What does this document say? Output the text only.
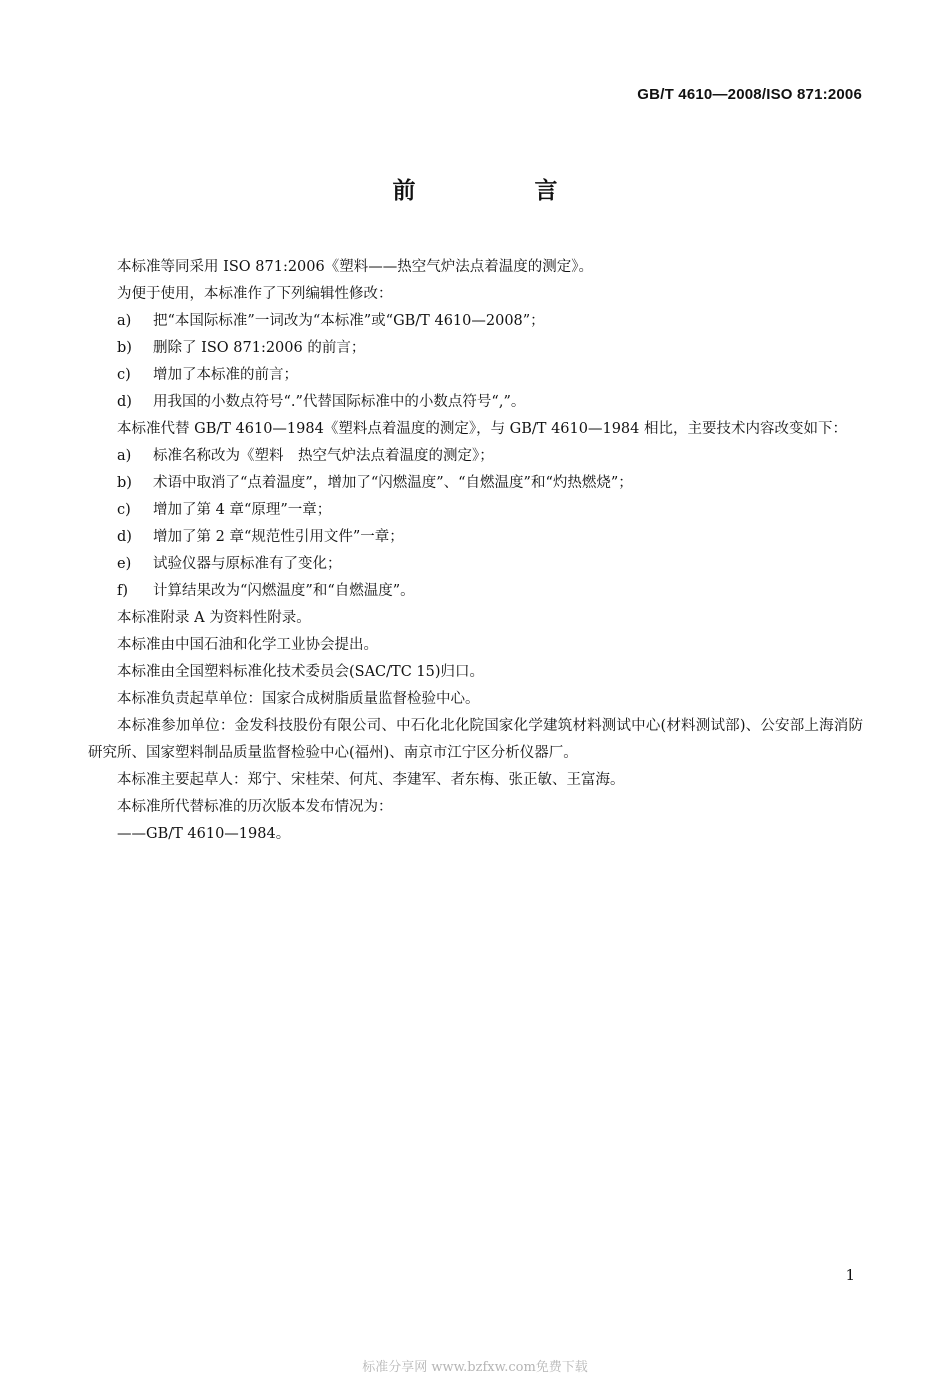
GB/T 4610—2008/ISO 871:2006
前　言

本标准等同采用 ISO 871:2006《塑料——热空气炉法点着温度的测定》。

为便于使用，本标准作了下列编辑性修改：

a) 把“本国际标准”一词改为“本标准”或“GB/T 4610—2008”；

b) 删除了 ISO 871:2006 的前言；

c) 增加了本标准的前言；

d) 用我国的小数点符号“.”代替国际标准中的小数点符号“,”。

本标准代替 GB/T 4610—1984《塑料点着温度的测定》，与 GB/T 4610—1984 相比，主要技术内容改变如下：

a) 标准名称改为《塑料　热空气炉法点着温度的测定》；

b) 术语中取消了“点着温度”，增加了“闪燃温度”、“自燃温度”和“灼热燃烧”；

c) 增加了第 4 章“原理”一章；

d) 增加了第 2 章“规范性引用文件”一章；

e) 试验仪器与原标准有了变化；

f) 计算结果改为“闪燃温度”和“自燃温度”。

本标准附录 A 为资料性附录。

本标准由中国石油和化学工业协会提出。

本标准由全国塑料标准化技术委员会(SAC/TC 15)归口。

本标准负责起草单位：国家合成树脂质量监督检验中心。

本标准参加单位：金发科技股份有限公司、中石化北化院国家化学建筑材料测试中心(材料测试部)、公安部上海消防研究所、国家塑料制品质量监督检验中心(福州)、南京市江宁区分析仪器厂。

本标准主要起草人：郑宁、宋桂荣、何芃、李建军、者东梅、张正敏、王富海。

本标准所代替标准的历次版本发布情况为：

——GB/T 4610—1984。

1
标准分享网 www.bzfxw.com免费下载
